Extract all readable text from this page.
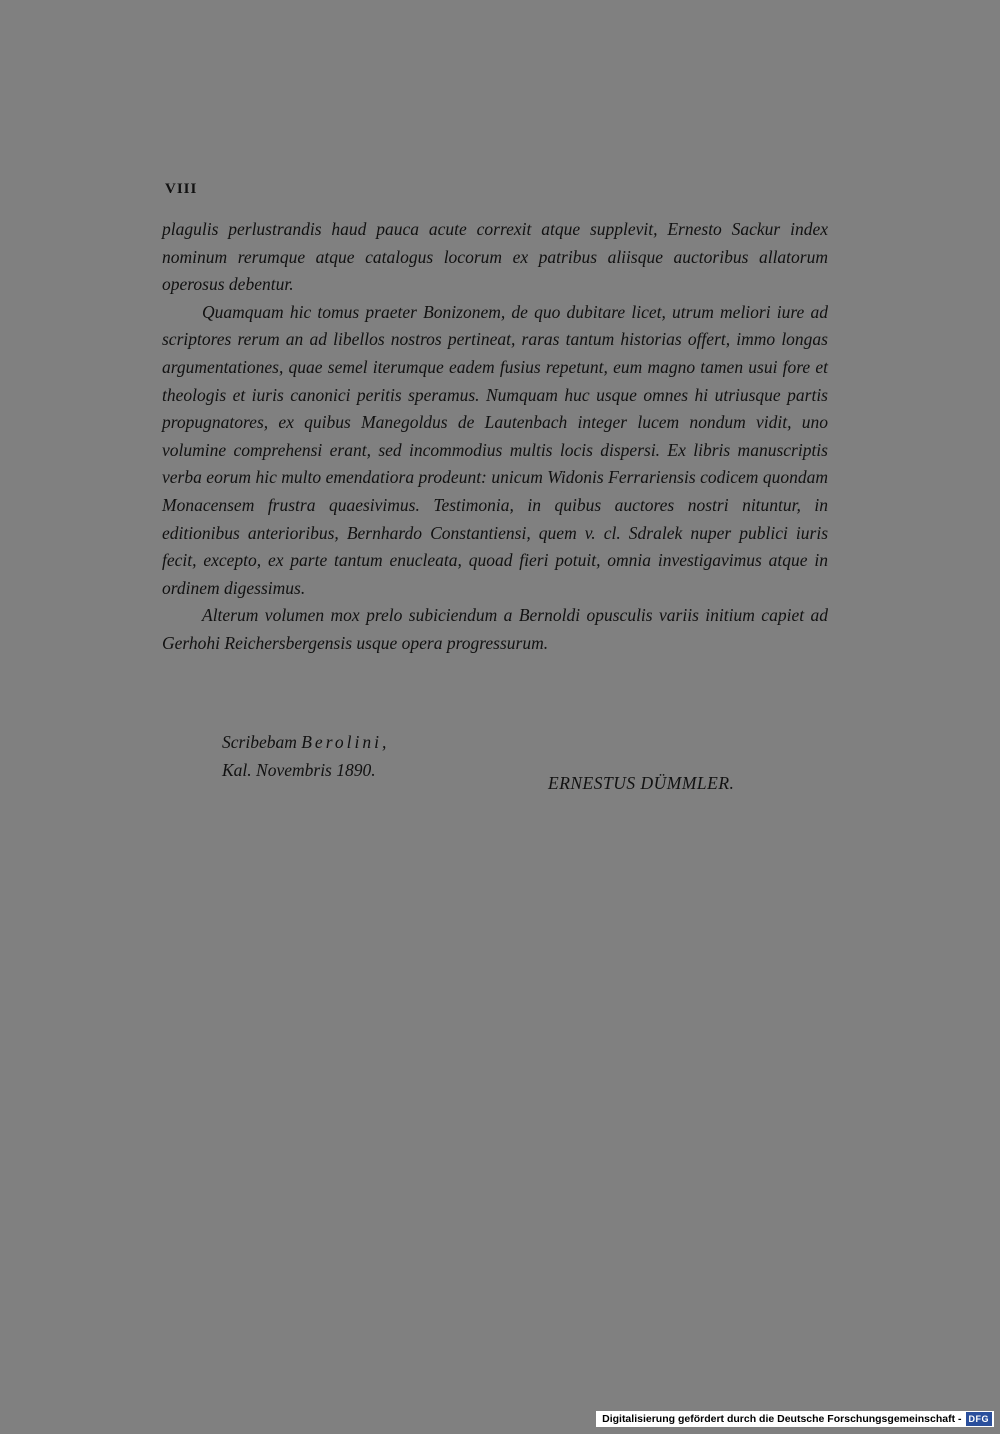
VIII

plagulis perlustrandis haud pauca acute correxit atque supplevit, Ernesto Sackur index nominum rerumque atque catalogus locorum ex patribus aliisque auctoribus allatorum operosus debentur.

Quamquam hic tomus praeter Bonizonem, de quo dubitare licet, utrum meliori iure ad scriptores rerum an ad libellos nostros pertineat, raras tantum historias offert, immo longas argumentationes, quae semel iterumque eadem fusius repetunt, eum magno tamen usui fore et theologis et iuris canonici peritis speramus. Numquam huc usque omnes hi utriusque partis propugnatores, ex quibus Manegoldus de Lautenbach integer lucem nondum vidit, uno volumine comprehensi erant, sed incommodius multis locis dispersi. Ex libris manuscriptis verba eorum hic multo emendatiora prodeunt: unicum Widonis Ferrariensis codicem quondam Monacensem frustra quaesivimus. Testimonia, in quibus auctores nostri nituntur, in editionibus anterioribus, Bernhardo Constantiensi, quem v. cl. Sdralek nuper publici iuris fecit, excepto, ex parte tantum enucleata, quoad fieri potuit, omnia investigavimus atque in ordinem digessimus.

Alterum volumen mox prelo subiciendum a Bernoldi opusculis variis initium capiet ad Gerhohi Reichersbergensis usque opera progressurum.

Scribebam Berolini,
Kal. Novembris 1890.
ERNESTUS DÜMMLER.
Digitalisierung gefördert durch die Deutsche Forschungsgemeinschaft - DFG
